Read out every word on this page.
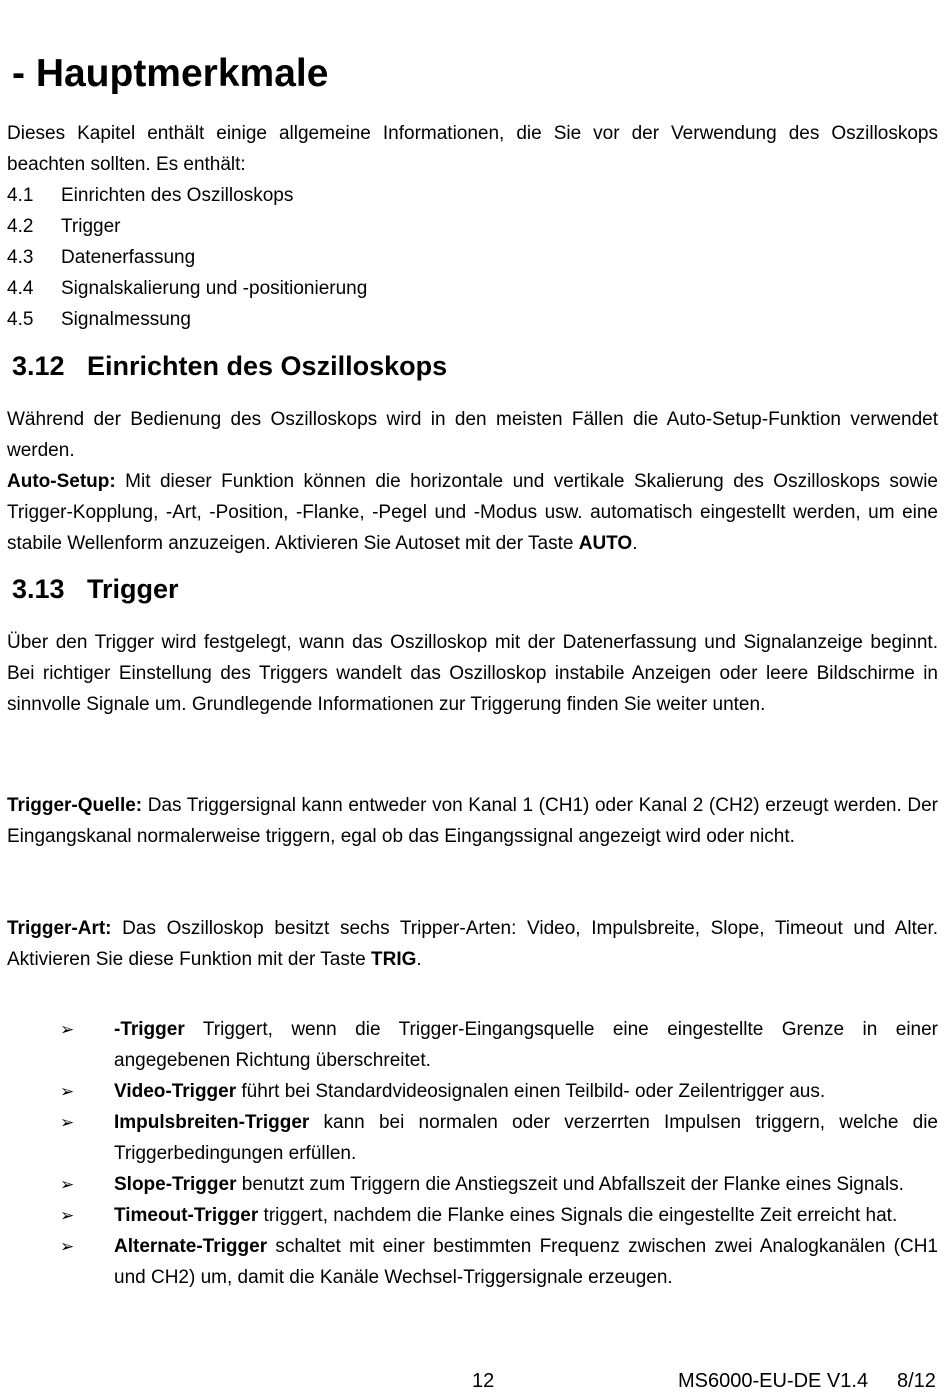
- Hauptmerkmale

Dieses Kapitel enthält einige allgemeine Informationen, die Sie vor der Verwendung des Oszilloskops beachten sollten. Es enthält:

4.1 Einrichten des Oszilloskops
4.2 Trigger
4.3 Datenerfassung
4.4 Signalskalierung und -positionierung
4.5 Signalmessung
3.12 Einrichten des Oszilloskops

Während der Bedienung des Oszilloskops wird in den meisten Fällen die Auto-Setup-Funktion verwendet werden.

Auto-Setup: Mit dieser Funktion können die horizontale und vertikale Skalierung des Oszilloskops sowie Trigger-Kopplung, -Art, -Position, -Flanke, -Pegel und -Modus usw. automatisch eingestellt werden, um eine stabile Wellenform anzuzeigen. Aktivieren Sie Autoset mit der Taste AUTO.

3.13 Trigger

Über den Trigger wird festgelegt, wann das Oszilloskop mit der Datenerfassung und Signalanzeige beginnt. Bei richtiger Einstellung des Triggers wandelt das Oszilloskop instabile Anzeigen oder leere Bildschirme in sinnvolle Signale um. Grundlegende Informationen zur Triggerung finden Sie weiter unten.

Trigger-Quelle: Das Triggersignal kann entweder von Kanal 1 (CH1) oder Kanal 2 (CH2) erzeugt werden. Der Eingangskanal normalerweise triggern, egal ob das Eingangssignal angezeigt wird oder nicht.

Trigger-Art: Das Oszilloskop besitzt sechs Tripper-Arten: Video, Impulsbreite, Slope, Timeout und Alter. Aktivieren Sie diese Funktion mit der Taste TRIG.

➢ -Trigger Triggert, wenn die Trigger-Eingangsquelle eine eingestellte Grenze in einer angegebenen Richtung überschreitet.
➢ Video-Trigger führt bei Standardvideosignalen einen Teilbild- oder Zeilentrigger aus.
➢ Impulsbreiten-Trigger kann bei normalen oder verzerrten Impulsen triggern, welche die Triggerbedingungen erfüllen.
➢ Slope-Trigger benutzt zum Triggern die Anstiegszeit und Abfallszeit der Flanke eines Signals.
➢ Timeout-Trigger triggert, nachdem die Flanke eines Signals die eingestellte Zeit erreicht hat.
➢ Alternate-Trigger schaltet mit einer bestimmten Frequenz zwischen zwei Analogkanälen (CH1 und CH2) um, damit die Kanäle Wechsel-Triggersignale erzeugen.
12	MS6000-EU-DE V1.4 8/12
